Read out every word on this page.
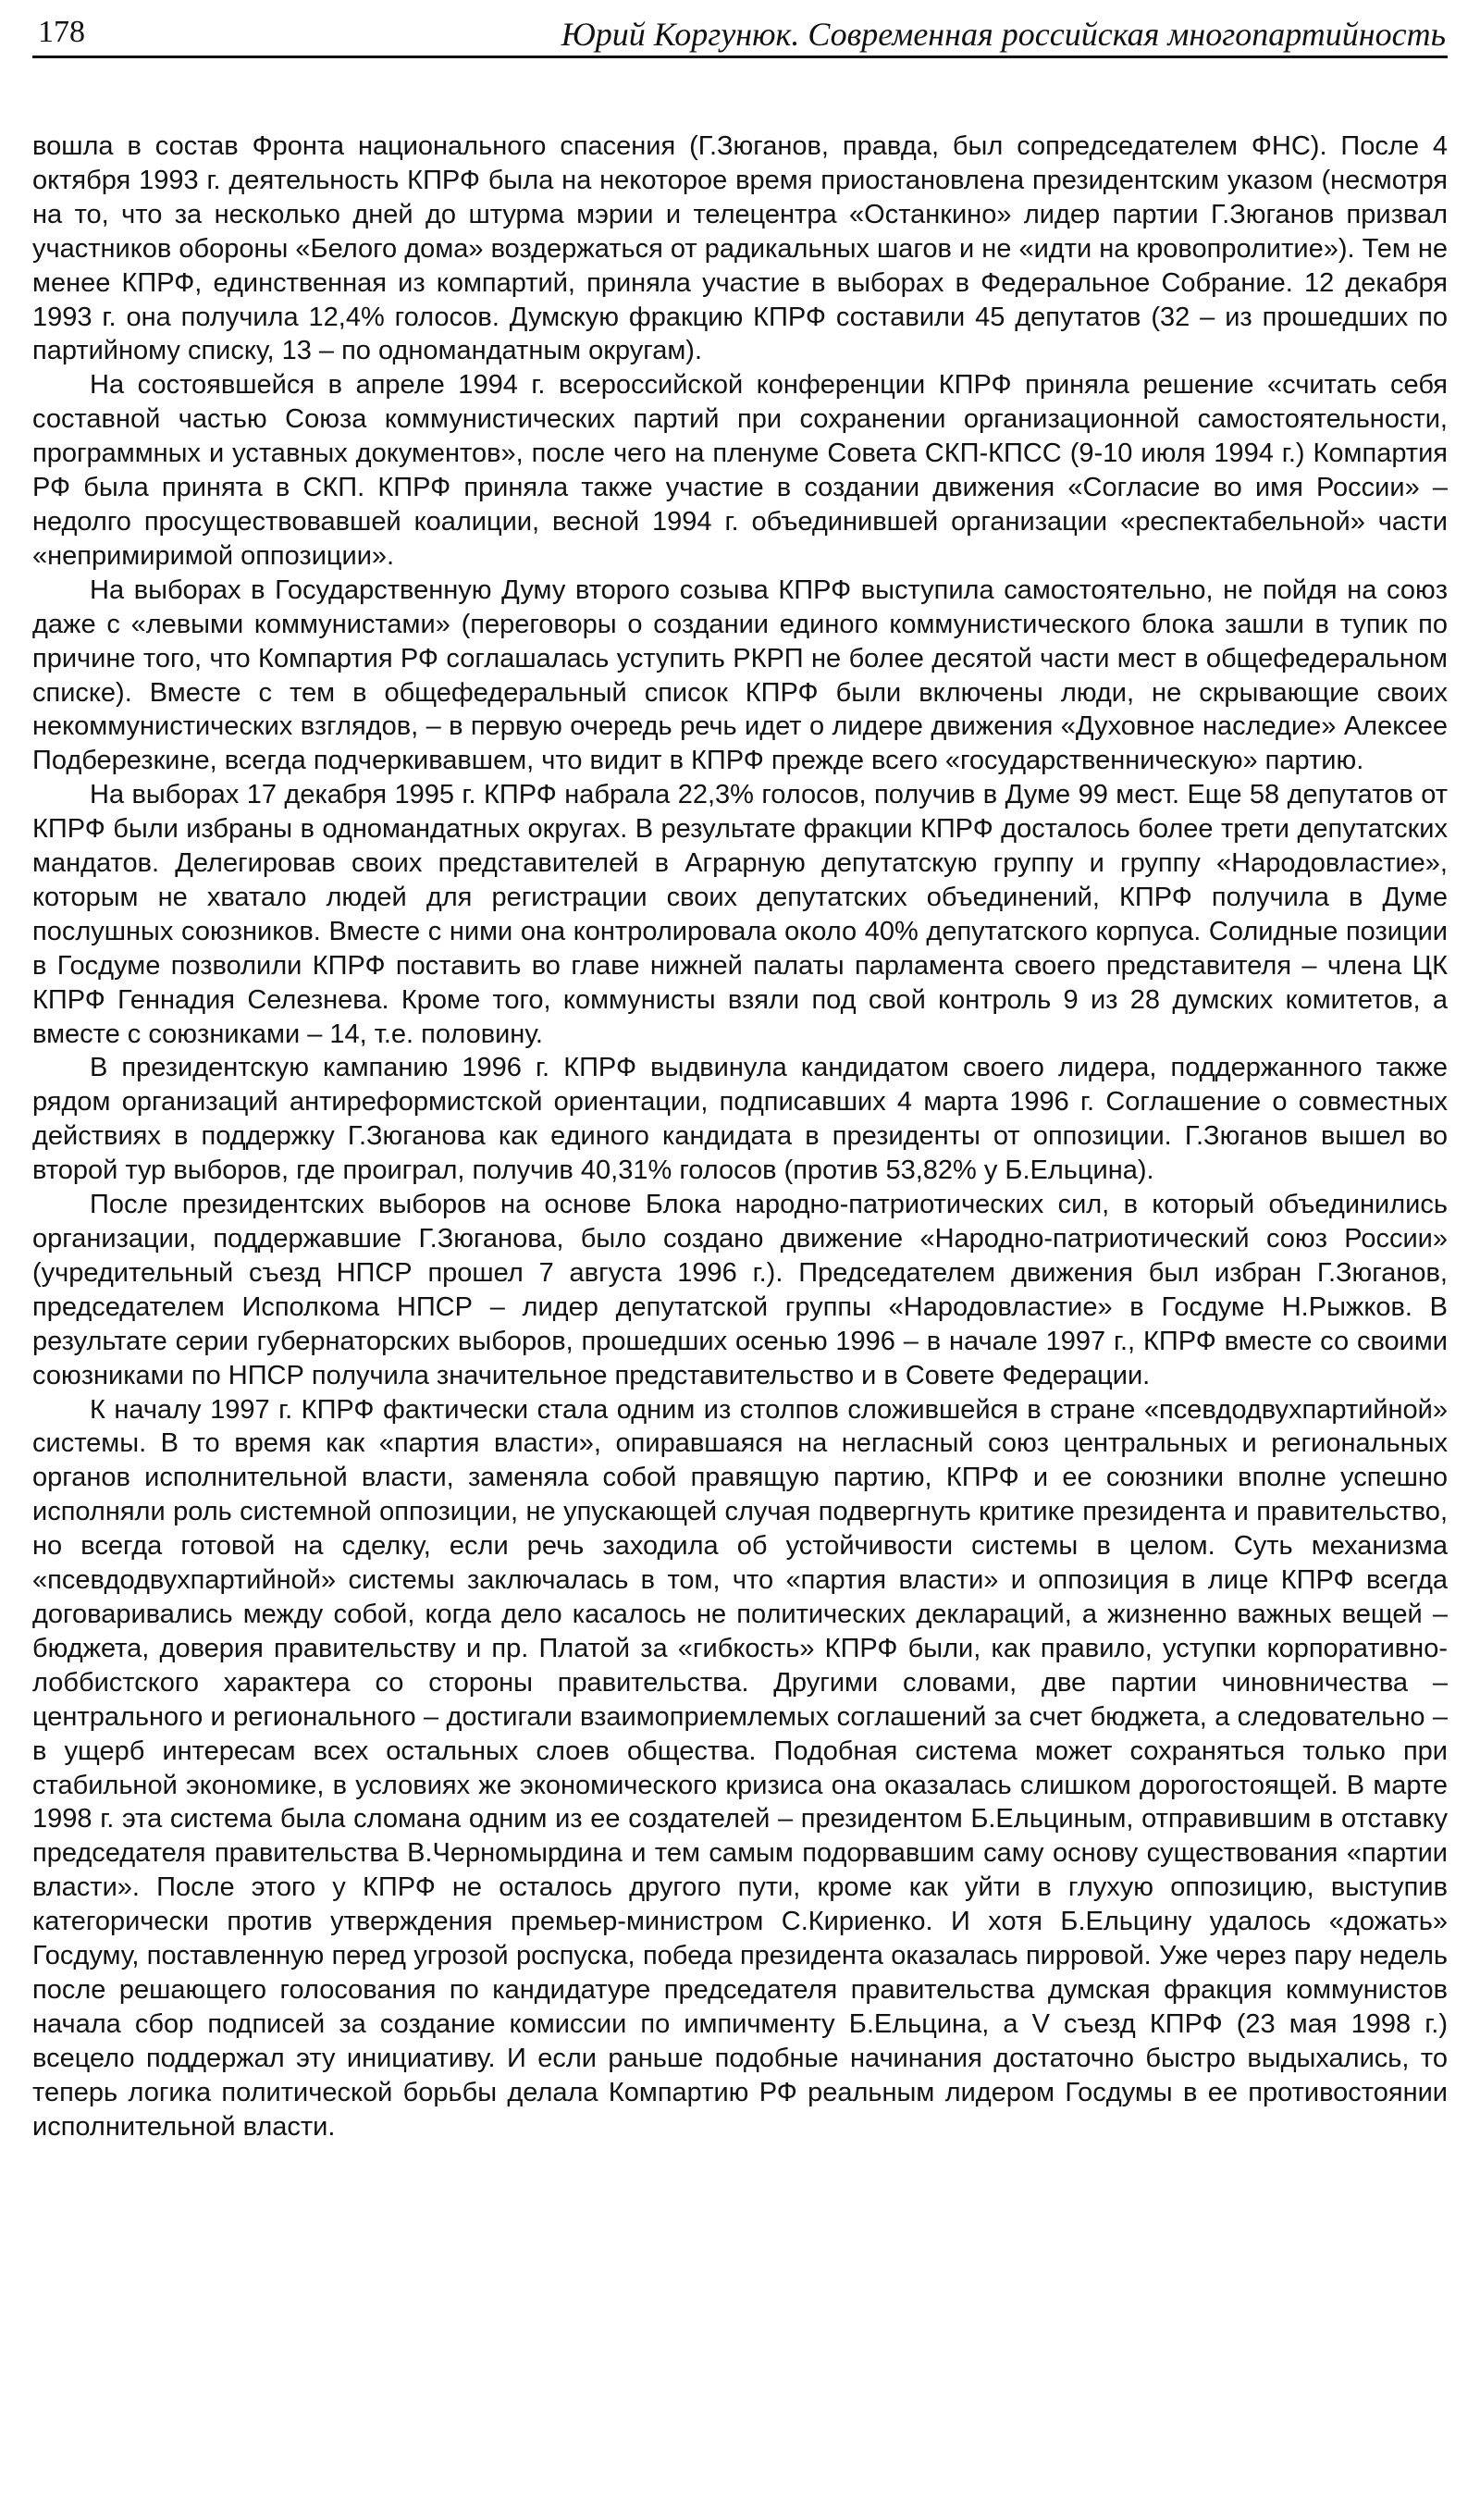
178	Юрий Коргунюк. Современная российская многопартийность

вошла в состав Фронта национального спасения (Г.Зюганов, правда, был сопредседателем ФНС). После 4 октября 1993 г. деятельность КПРФ была на некоторое время приостановлена президентским указом (несмотря на то, что за несколько дней до штурма мэрии и телецентра «Останкино» лидер партии Г.Зюганов призвал участников обороны «Белого дома» воздержаться от радикальных шагов и не «идти на кровопролитие»). Тем не менее КПРФ, единственная из компартий, приняла участие в выборах в Федеральное Собрание. 12 декабря 1993 г. она получила 12,4% голосов. Думскую фракцию КПРФ составили 45 депутатов (32 – из прошедших по партийному списку, 13 – по одномандатным округам).

На состоявшейся в апреле 1994 г. всероссийской конференции КПРФ приняла решение «считать себя составной частью Союза коммунистических партий при сохранении организационной самостоятельности, программных и уставных документов», после чего на пленуме Совета СКП-КПСС (9-10 июля 1994 г.) Компартия РФ была принята в СКП. КПРФ приняла также участие в создании движения «Согласие во имя России» – недолго просуществовавшей коалиции, весной 1994 г. объединившей организации «респектабельной» части «непримиримой оппозиции».

На выборах в Государственную Думу второго созыва КПРФ выступила самостоятельно, не пойдя на союз даже с «левыми коммунистами» (переговоры о создании единого коммунистического блока зашли в тупик по причине того, что Компартия РФ соглашалась уступить РКРП не более десятой части мест в общефедеральном списке). Вместе с тем в общефедеральный список КПРФ были включены люди, не скрывающие своих некоммунистических взглядов, – в первую очередь речь идет о лидере движения «Духовное наследие» Алексее Подберезкине, всегда подчеркивавшем, что видит в КПРФ прежде всего «государственническую» партию.

На выборах 17 декабря 1995 г. КПРФ набрала 22,3% голосов, получив в Думе 99 мест. Еще 58 депутатов от КПРФ были избраны в одномандатных округах. В результате фракции КПРФ досталось более трети депутатских мандатов. Делегировав своих представителей в Аграрную депутатскую группу и группу «Народовластие», которым не хватало людей для регистрации своих депутатских объединений, КПРФ получила в Думе послушных союзников. Вместе с ними она контролировала около 40% депутатского корпуса. Солидные позиции в Госдуме позволили КПРФ поставить во главе нижней палаты парламента своего представителя – члена ЦК КПРФ Геннадия Селезнева. Кроме того, коммунисты взяли под свой контроль 9 из 28 думских комитетов, а вместе с союзниками – 14, т.е. половину.

В президентскую кампанию 1996 г. КПРФ выдвинула кандидатом своего лидера, поддержанного также рядом организаций антиреформистской ориентации, подписавших 4 марта 1996 г. Соглашение о совместных действиях в поддержку Г.Зюганова как единого кандидата в президенты от оппозиции. Г.Зюганов вышел во второй тур выборов, где проиграл, получив 40,31% голосов (против 53,82% у Б.Ельцина).

После президентских выборов на основе Блока народно-патриотических сил, в который объединились организации, поддержавшие Г.Зюганова, было создано движение «Народно-патриотический союз России» (учредительный съезд НПСР прошел 7 августа 1996 г.). Председателем движения был избран Г.Зюганов, председателем Исполкома НПСР – лидер депутатской группы «Народовластие» в Госдуме Н.Рыжков. В результате серии губернаторских выборов, прошедших осенью 1996 – в начале 1997 г., КПРФ вместе со своими союзниками по НПСР получила значительное представительство и в Совете Федерации.

К началу 1997 г. КПРФ фактически стала одним из столпов сложившейся в стране «псевдодвухпартийной» системы. В то время как «партия власти», опиравшаяся на негласный союз центральных и региональных органов исполнительной власти, заменяла собой правящую партию, КПРФ и ее союзники вполне успешно исполняли роль системной оппозиции, не упускающей случая подвергнуть критике президента и правительство, но всегда готовой на сделку, если речь заходила об устойчивости системы в целом. Суть механизма «псевдодвухпартийной» системы заключалась в том, что «партия власти» и оппозиция в лице КПРФ всегда договаривались между собой, когда дело касалось не политических деклараций, а жизненно важных вещей – бюджета, доверия правительству и пр. Платой за «гибкость» КПРФ были, как правило, уступки корпоративно-лоббистского характера со стороны правительства. Другими словами, две партии чиновничества – центрального и регионального – достигали взаимоприемлемых соглашений за счет бюджета, а следовательно – в ущерб интересам всех остальных слоев общества. Подобная система может сохраняться только при стабильной экономике, в условиях же экономического кризиса она оказалась слишком дорогостоящей. В марте 1998 г. эта система была сломана одним из ее создателей – президентом Б.Ельциным, отправившим в отставку председателя правительства В.Черномырдина и тем самым подорвавшим саму основу существования «партии власти». После этого у КПРФ не осталось другого пути, кроме как уйти в глухую оппозицию, выступив категорически против утверждения премьер-министром С.Кириенко. И хотя Б.Ельцину удалось «дожать» Госдуму, поставленную перед угрозой роспуска, победа президента оказалась пирровой. Уже через пару недель после решающего голосования по кандидатуре председателя правительства думская фракция коммунистов начала сбор подписей за создание комиссии по импичменту Б.Ельцина, а V съезд КПРФ (23 мая 1998 г.) всецело поддержал эту инициативу. И если раньше подобные начинания достаточно быстро выдыхались, то теперь логика политической борьбы делала Компартию РФ реальным лидером Госдумы в ее противостоянии исполнительной власти.
